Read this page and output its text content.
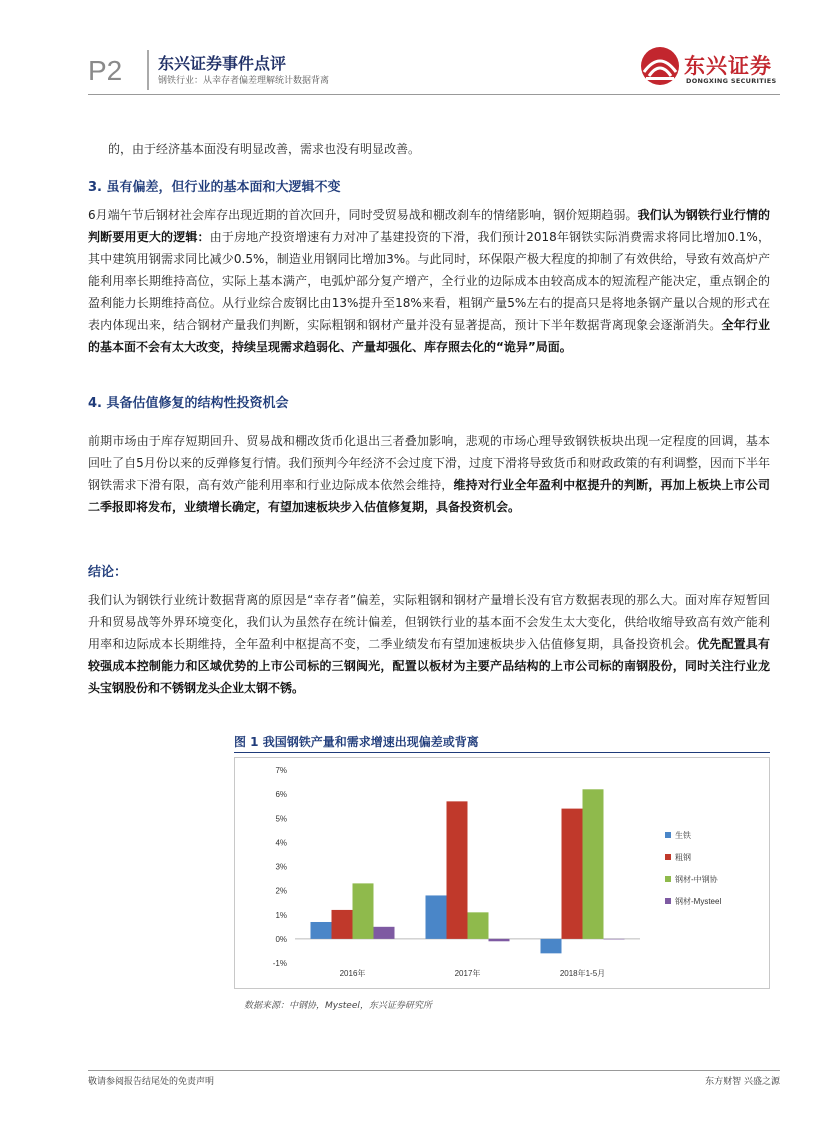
P2 东兴证券事件点评
钢铁行业：从幸存者偏差理解统计数据背离
东兴证券
DONGXING SECURITIES

的，由于经济基本面没有明显改善，需求也没有明显改善。

3. 虽有偏差，但行业的基本面和大逻辑不变

6月端午节后钢材社会库存出现近期的首次回升，同时受贸易战和棚改刹车的情绪影响，钢价短期趋弱。我们认为钢铁行业行情的判断要用更大的逻辑：由于房地产投资增速有力对冲了基建投资的下滑，我们预计2018年钢铁实际消费需求将同比增加0.1%，其中建筑用钢需求同比减少0.5%，制造业用钢同比增加3%。与此同时，环保限产极大程度的抑制了有效供给，导致有效高炉产能利用率长期维持高位，实际上基本满产，电弧炉部分复产增产，全行业的边际成本由较高成本的短流程产能决定，重点钢企的盈利能力长期维持高位。从行业综合废钢比由13%提升至18%来看，粗钢产量5%左右的提高只是将地条钢产量以合规的形式在表内体现出来，结合钢材产量我们判断，实际粗钢和钢材产量并没有显著提高，预计下半年数据背离现象会逐渐消失。全年行业的基本面不会有太大改变，持续呈现需求趋弱化、产量却强化、库存照去化的“诡异”局面。

4. 具备估值修复的结构性投资机会

前期市场由于库存短期回升、贸易战和棚改货币化退出三者叠加影响，悲观的市场心理导致钢铁板块出现一定程度的回调，基本回吐了自5月份以来的反弹修复行情。我们预判今年经济不会过度下滑，过度下滑将导致货币和财政政策的有利调整，因而下半年钢铁需求下滑有限，高有效产能利用率和行业边际成本依然会维持，维持对行业全年盈利中枢提升的判断，再加上板块上市公司二季报即将发布，业绩增长确定，有望加速板块步入估值修复期，具备投资机会。

结论：

我们认为钢铁行业统计数据背离的原因是“幸存者”偏差，实际粗钢和钢材产量增长没有官方数据表现的那么大。面对库存短暂回升和贸易战等外界环境变化，我们认为虽然存在统计偏差，但钢铁行业的基本面不会发生太大变化，供给收缩导致高有效产能利用率和边际成本长期维持，全年盈利中枢提高不变，二季业绩发布有望加速板块步入估值修复期，具备投资机会。优先配置具有较强成本控制能力和区域优势的上市公司标的三钢闽光，配置以板材为主要产品结构的上市公司标的南钢股份，同时关注行业龙头宝钢股份和不锈钢龙头企业太钢不锈。

图 1 我国钢铁产量和需求增速出现偏差或背离
-1%
0%
1%
2%
3%
4%
5%
6%
7%
2016年	2017年	2018年1-5月
生铁
粗钢
钢材-中钢协
钢材-Mysteel
数据来源：中钢协，Mysteel，东兴证券研究所
敬请参阅报告结尾处的免责声明	东方财智 兴盛之源
